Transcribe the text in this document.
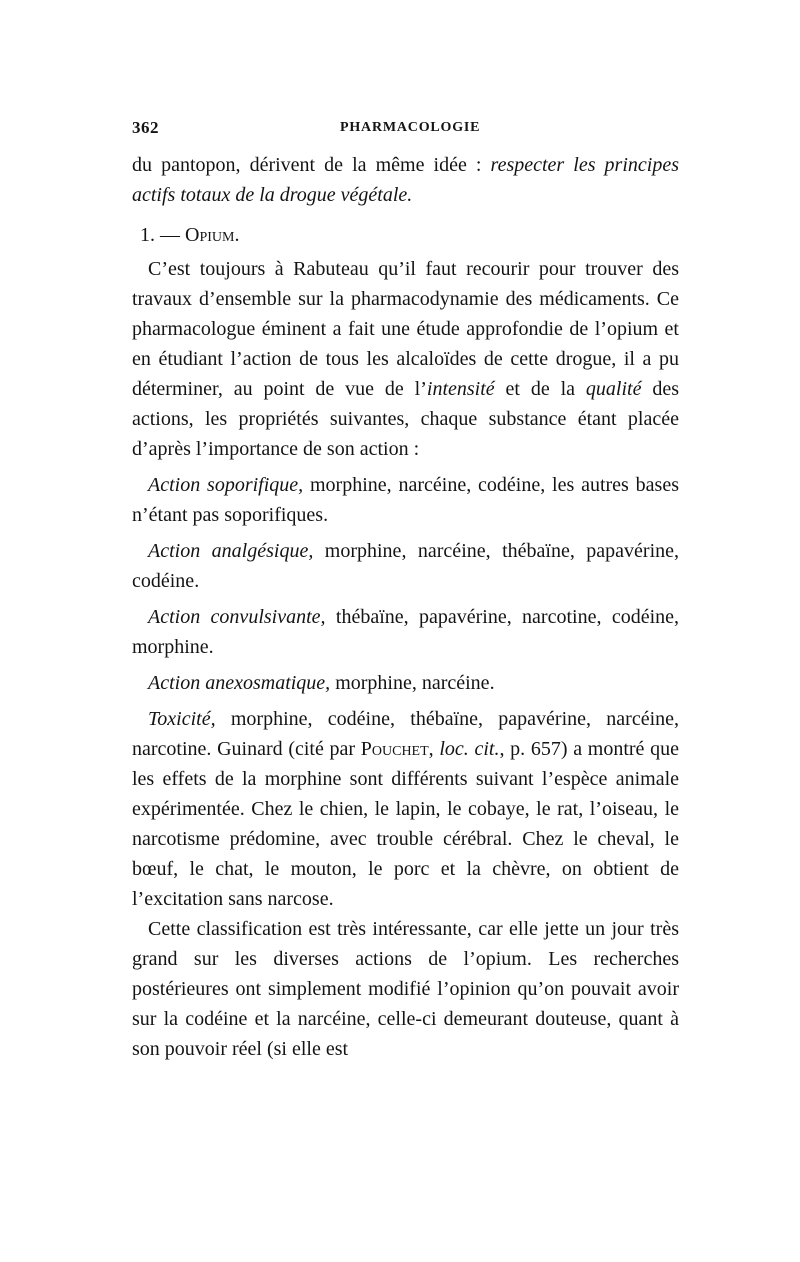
362	PHARMACOLOGIE

du pantopon, dérivent de la même idée : respecter les principes actifs totaux de la drogue végétale.

1. — Opium.

C’est toujours à Rabuteau qu’il faut recourir pour trouver des travaux d’ensemble sur la pharmacodynamie des médicaments. Ce pharmacologue éminent a fait une étude approfondie de l’opium et en étudiant l’action de tous les alcaloïdes de cette drogue, il a pu déterminer, au point de vue de l’intensité et de la qualité des actions, les propriétés suivantes, chaque substance étant placée d’après l’importance de son action :

Action soporifique, morphine, narcéine, codéine, les autres bases n’étant pas soporifiques.

Action analgésique, morphine, narcéine, thébaïne, papavérine, codéine.

Action convulsivante, thébaïne, papavérine, narcotine, codéine, morphine.

Action anexosmatique, morphine, narcéine.

Toxicité, morphine, codéine, thébaïne, papavérine, narcéine, narcotine. Guinard (cité par Pouchet, loc. cit., p. 657) a montré que les effets de la morphine sont différents suivant l’espèce animale expérimentée. Chez le chien, le lapin, le cobaye, le rat, l’oiseau, le narcotisme prédomine, avec trouble cérébral. Chez le cheval, le bœuf, le chat, le mouton, le porc et la chèvre, on obtient de l’excitation sans narcose.

Cette classification est très intéressante, car elle jette un jour très grand sur les diverses actions de l’opium. Les recherches postérieures ont simplement modifié l’opinion qu’on pouvait avoir sur la codéine et la narcéine, celle-ci demeurant douteuse, quant à son pouvoir réel (si elle est
